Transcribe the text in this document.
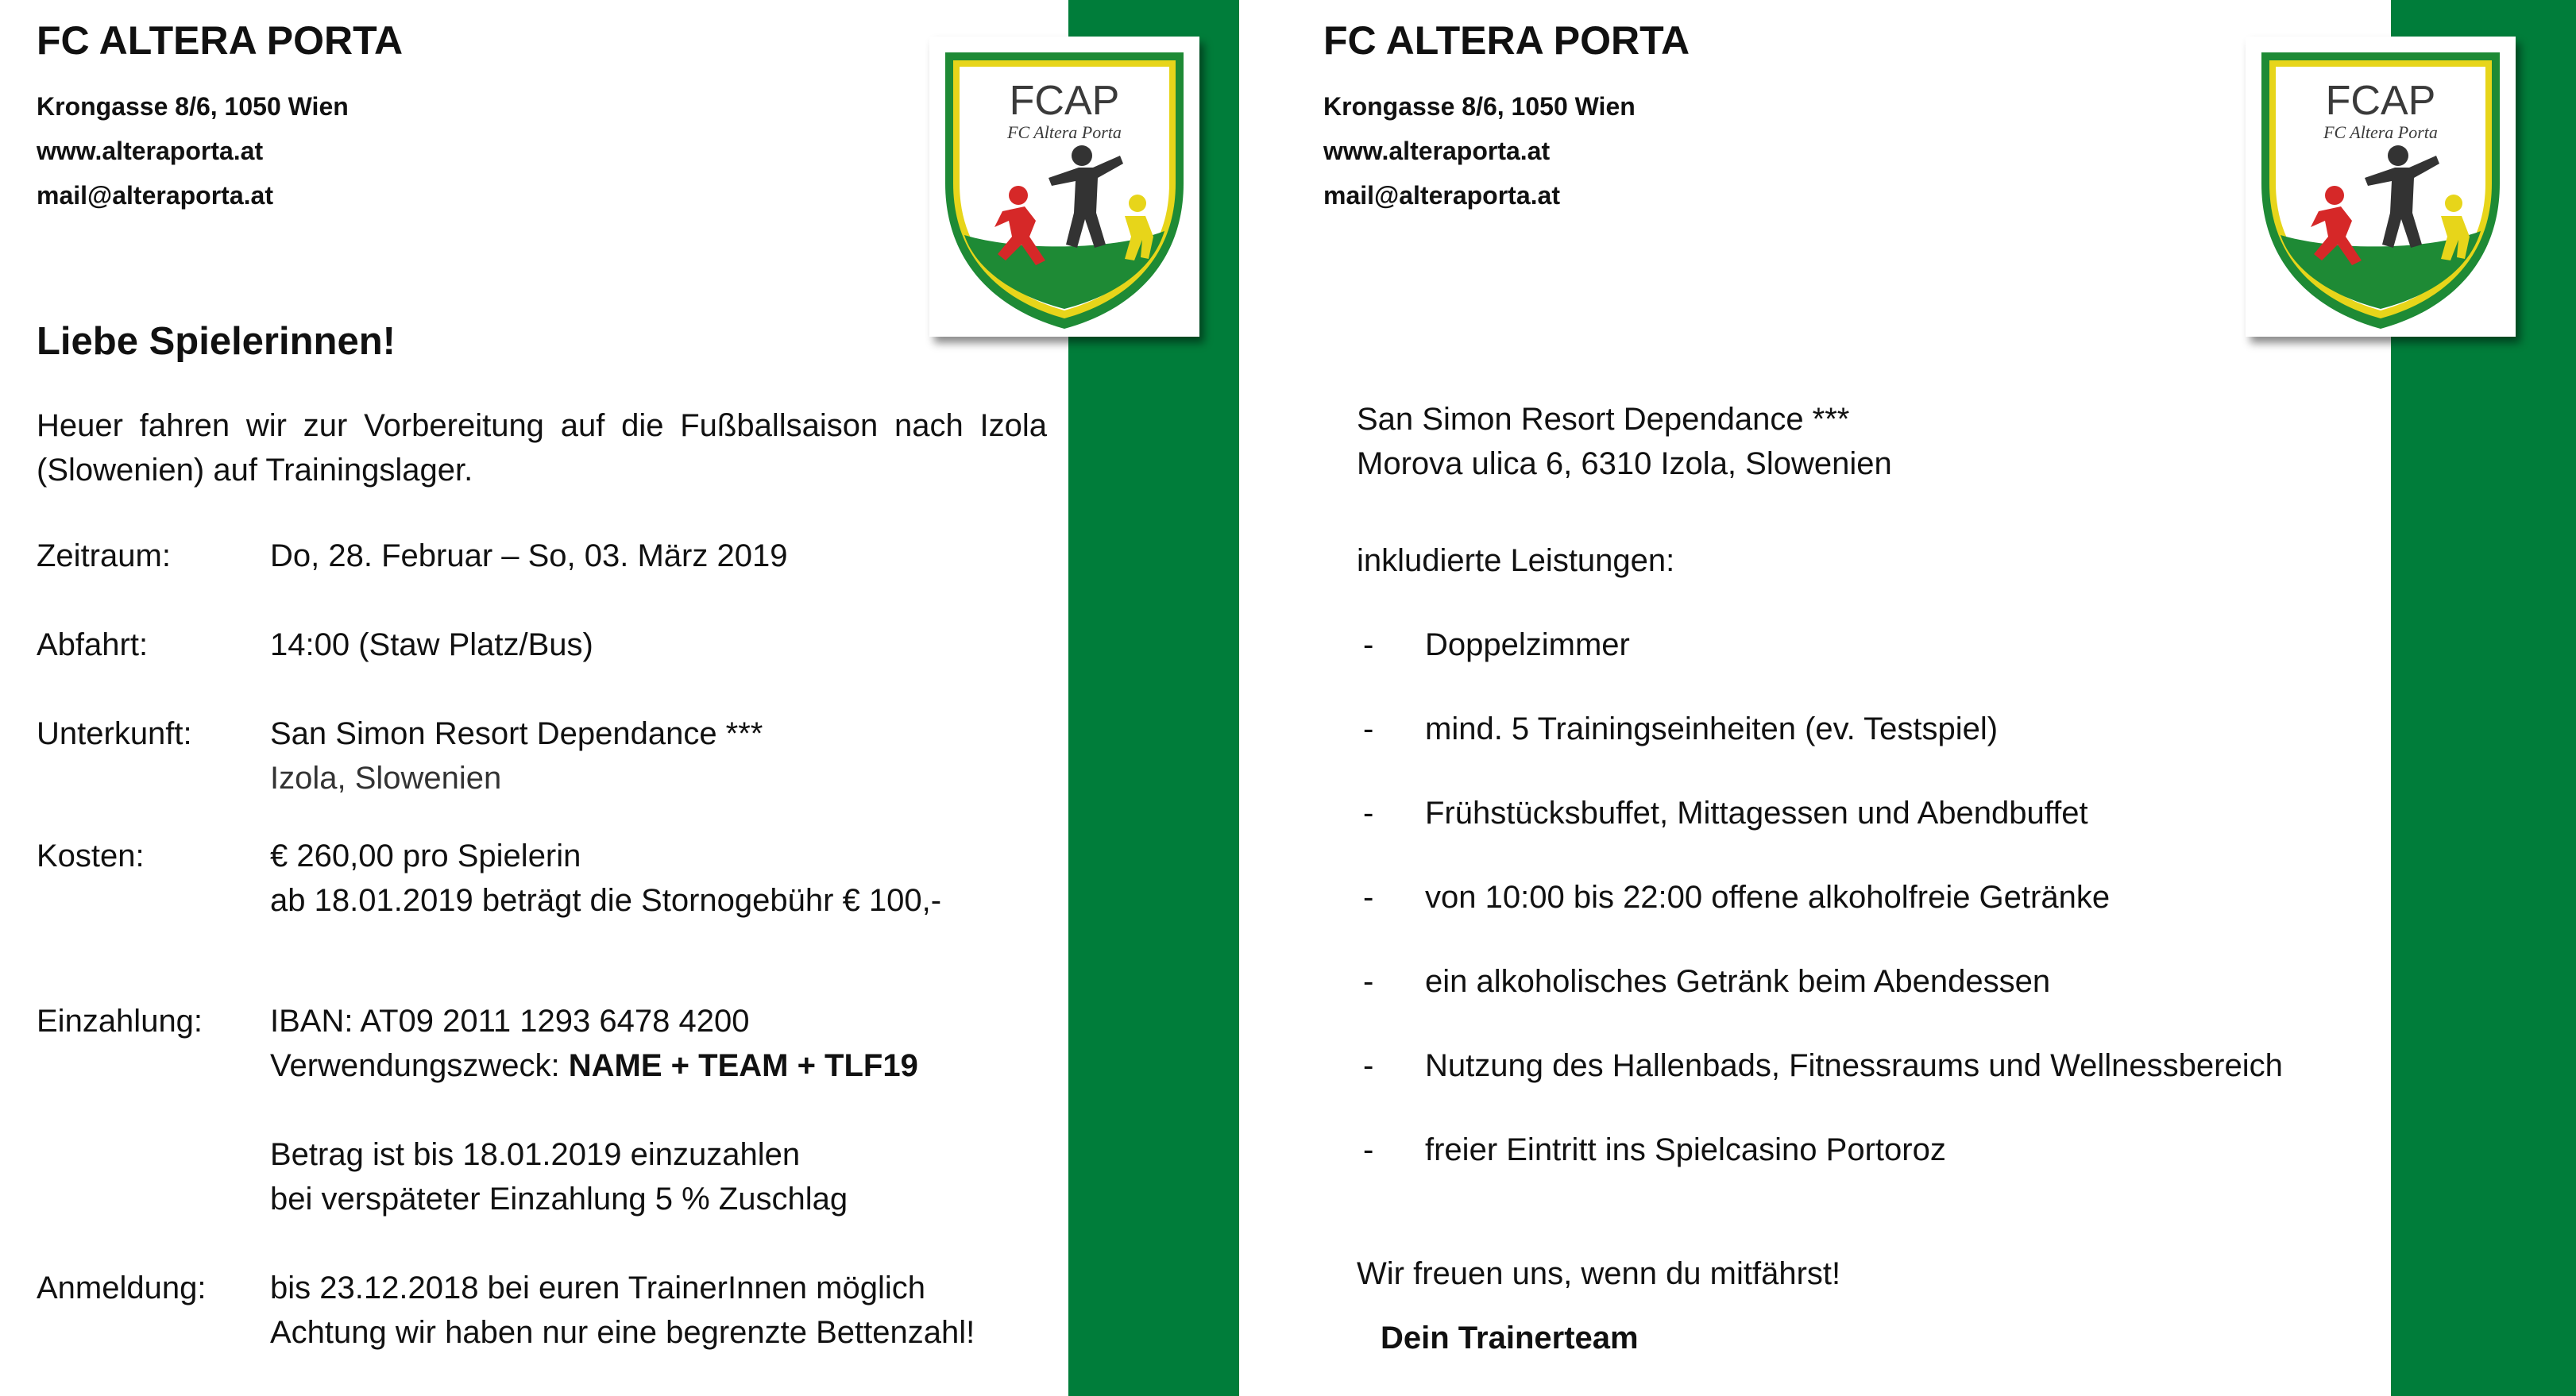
FCAP
FC Altera Porta
FC ALTERA PORTA
Krongasse 8/6, 1050 Wien
www.alteraporta.at
mail@alteraporta.at
Liebe Spielerinnen!

Heuer fahren wir zur Vorbereitung auf die Fußballsaison nach Izola (Slowenien) auf Trainingslager.

Zeitraum:	Do, 28. Februar – So, 03. März 2019
Abfahrt:	14:00 (Staw Platz/Bus)
Unterkunft: San Simon Resort Dependance ***
Izola, Slowenien
Kosten:	€ 260,00 pro Spielerin
ab 18.01.2019 beträgt die Stornogebühr € 100,-
Einzahlung: IBAN: AT09 2011 1293 6478 4200
Verwendungszweck: NAME + TEAM + TLF19
Betrag ist bis 18.01.2019 einzuzahlen
bei verspäteter Einzahlung 5 % Zuschlag
Anmeldung: bis 23.12.2018 bei euren TrainerInnen möglich
Achtung wir haben nur eine begrenzte Bettenzahl!
FCAP
FC Altera Porta
FC ALTERA PORTA
Krongasse 8/6, 1050 Wien
www.alteraporta.at
mail@alteraporta.at
San Simon Resort Dependance ***
Morova ulica 6, 6310 Izola, Slowenien
inkludierte Leistungen:
- Doppelzimmer
- mind. 5 Trainingseinheiten (ev. Testspiel)
- Frühstücksbuffet, Mittagessen und Abendbuffet
- von 10:00 bis 22:00 offene alkoholfreie Getränke
- ein alkoholisches Getränk beim Abendessen
- Nutzung des Hallenbads, Fitnessraums und Wellnessbereich
- freier Eintritt ins Spielcasino Portoroz
Wir freuen uns, wenn du mitfährst!
Dein Trainerteam
